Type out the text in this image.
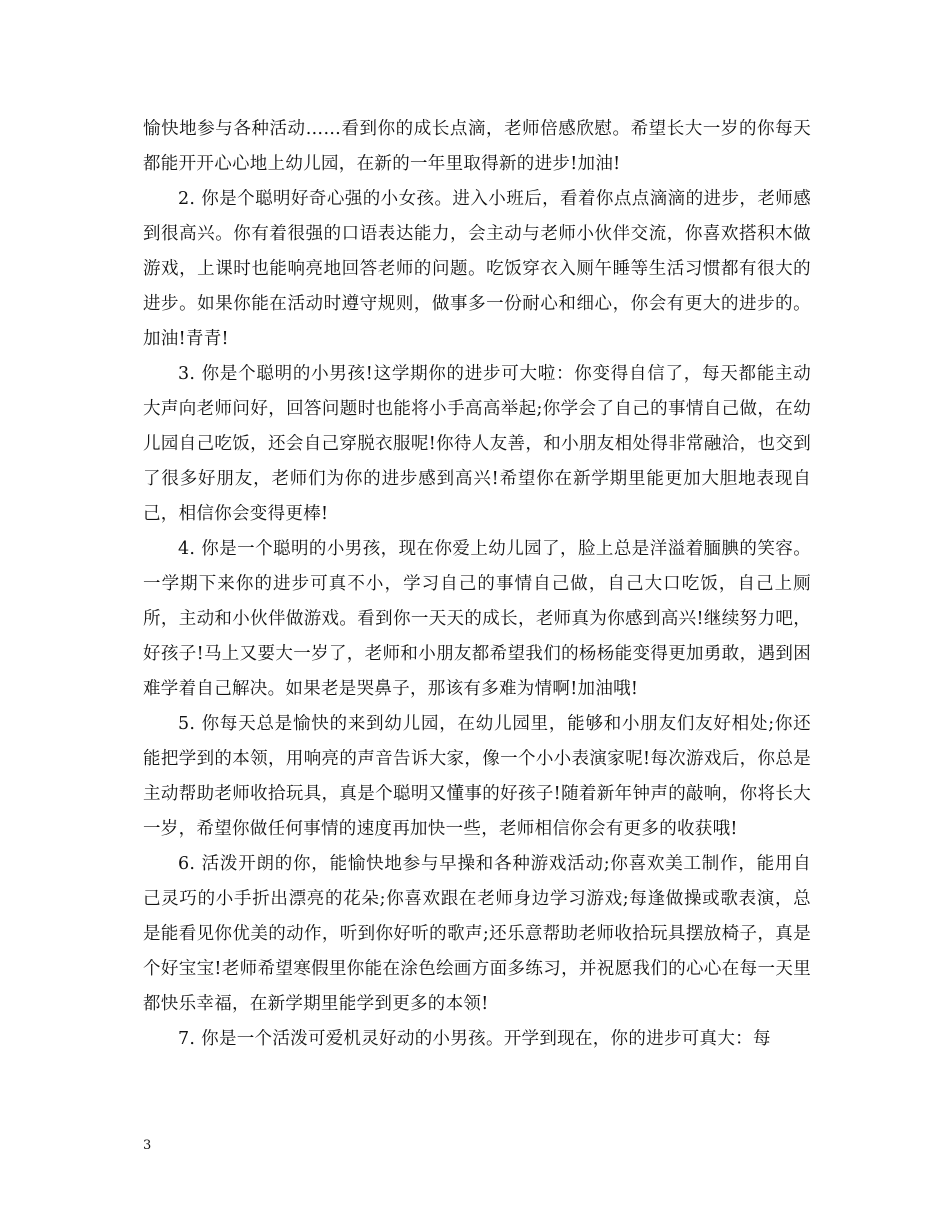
愉快地参与各种活动……看到你的成长点滴，老师倍感欣慰。希望长大一岁的你每天都能开开心心地上幼儿园，在新的一年里取得新的进步!加油!

2. 你是个聪明好奇心强的小女孩。进入小班后，看着你点点滴滴的进步，老师感到很高兴。你有着很强的口语表达能力，会主动与老师小伙伴交流，你喜欢搭积木做游戏，上课时也能响亮地回答老师的问题。吃饭穿衣入厕午睡等生活习惯都有很大的进步。如果你能在活动时遵守规则，做事多一份耐心和细心，你会有更大的进步的。加油!青青!

3. 你是个聪明的小男孩!这学期你的进步可大啦：你变得自信了，每天都能主动大声向老师问好，回答问题时也能将小手高高举起;你学会了自己的事情自己做，在幼儿园自己吃饭，还会自己穿脱衣服呢!你待人友善，和小朋友相处得非常融洽，也交到了很多好朋友，老师们为你的进步感到高兴!希望你在新学期里能更加大胆地表现自己，相信你会变得更棒!

4. 你是一个聪明的小男孩，现在你爱上幼儿园了，脸上总是洋溢着腼腆的笑容。一学期下来你的进步可真不小，学习自己的事情自己做，自己大口吃饭，自己上厕所，主动和小伙伴做游戏。看到你一天天的成长，老师真为你感到高兴!继续努力吧，好孩子!马上又要大一岁了，老师和小朋友都希望我们的杨杨能变得更加勇敢，遇到困难学着自己解决。如果老是哭鼻子，那该有多难为情啊!加油哦!

5. 你每天总是愉快的来到幼儿园，在幼儿园里，能够和小朋友们友好相处;你还能把学到的本领，用响亮的声音告诉大家，像一个小小表演家呢!每次游戏后，你总是主动帮助老师收拾玩具，真是个聪明又懂事的好孩子!随着新年钟声的敲响，你将长大一岁，希望你做任何事情的速度再加快一些，老师相信你会有更多的收获哦!

6. 活泼开朗的你，能愉快地参与早操和各种游戏活动;你喜欢美工制作，能用自己灵巧的小手折出漂亮的花朵;你喜欢跟在老师身边学习游戏;每逢做操或歌表演，总是能看见你优美的动作，听到你好听的歌声;还乐意帮助老师收拾玩具摆放椅子，真是个好宝宝!老师希望寒假里你能在涂色绘画方面多练习，并祝愿我们的心心在每一天里都快乐幸福，在新学期里能学到更多的本领!

7. 你是一个活泼可爱机灵好动的小男孩。开学到现在，你的进步可真大：每

3
